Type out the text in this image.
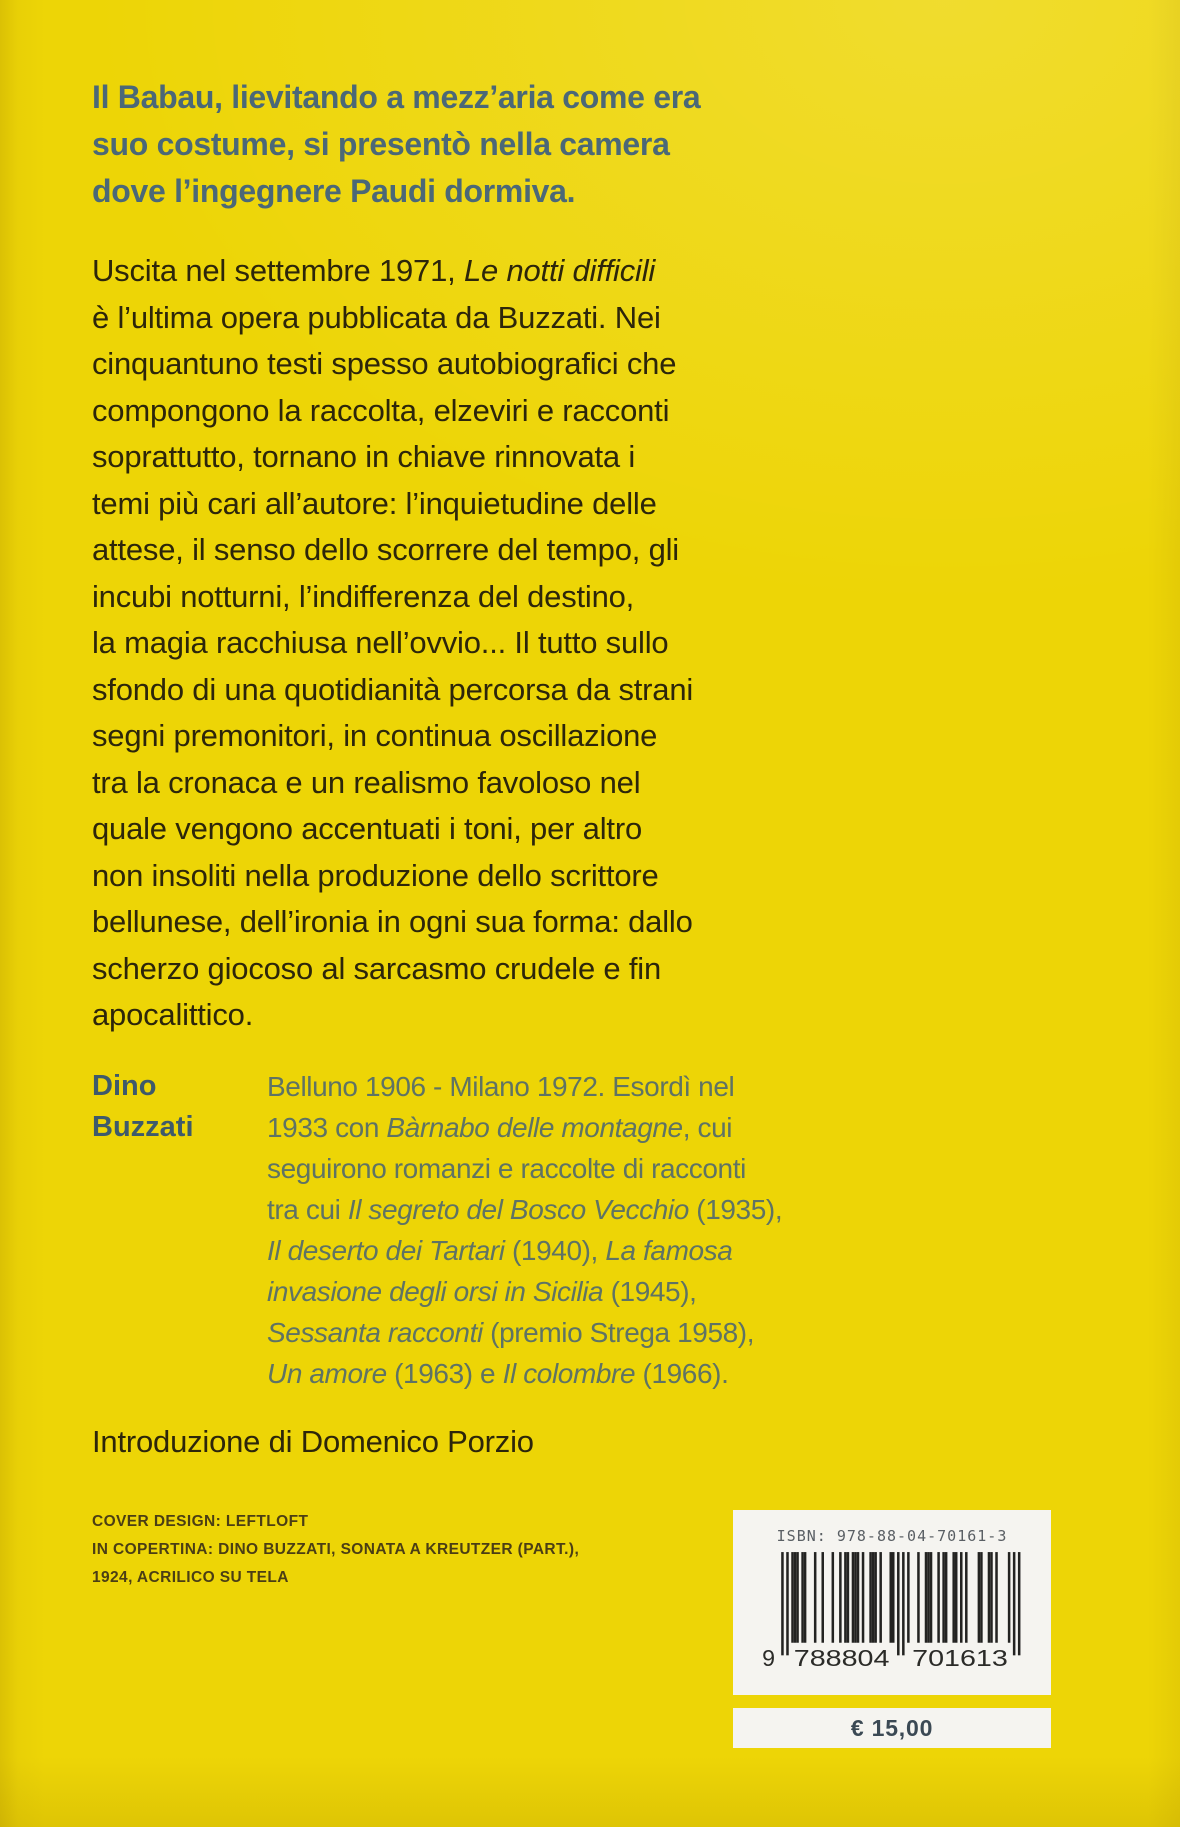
Il Babau, lievitando a mezz’aria come era
suo costume, si presentò nella camera
dove l’ingegnere Paudi dormiva.
Uscita nel settembre 1971, Le notti difficili
è l’ultima opera pubblicata da Buzzati. Nei
cinquantuno testi spesso autobiografici che
compongono la raccolta, elzeviri e racconti
soprattutto, tornano in chiave rinnovata i
temi più cari all’autore: l’inquietudine delle
attese, il senso dello scorrere del tempo, gli
incubi notturni, l’indifferenza del destino,
la magia racchiusa nell’ovvio... Il tutto sullo
sfondo di una quotidianità percorsa da strani
segni premonitori, in continua oscillazione
tra la cronaca e un realismo favoloso nel
quale vengono accentuati i toni, per altro
non insoliti nella produzione dello scrittore
bellunese, dell’ironia in ogni sua forma: dallo
scherzo giocoso al sarcasmo crudele e fin
apocalittico.
Dino
Buzzati
Belluno 1906 - Milano 1972. Esordì nel
1933 con Bàrnabo delle montagne, cui
seguirono romanzi e raccolte di racconti
tra cui Il segreto del Bosco Vecchio (1935),
Il deserto dei Tartari (1940), La famosa
invasione degli orsi in Sicilia (1945),
Sessanta racconti (premio Strega 1958),
Un amore (1963) e Il colombre (1966).
Introduzione di Domenico Porzio
COVER DESIGN: LEFTLOFT
IN COPERTINA: DINO BUZZATI, SONATA A KREUTZER (PART.),
1924, ACRILICO SU TELA
ISBN: 978-88-04-70161-3
9 788804 701613
€ 15,00
